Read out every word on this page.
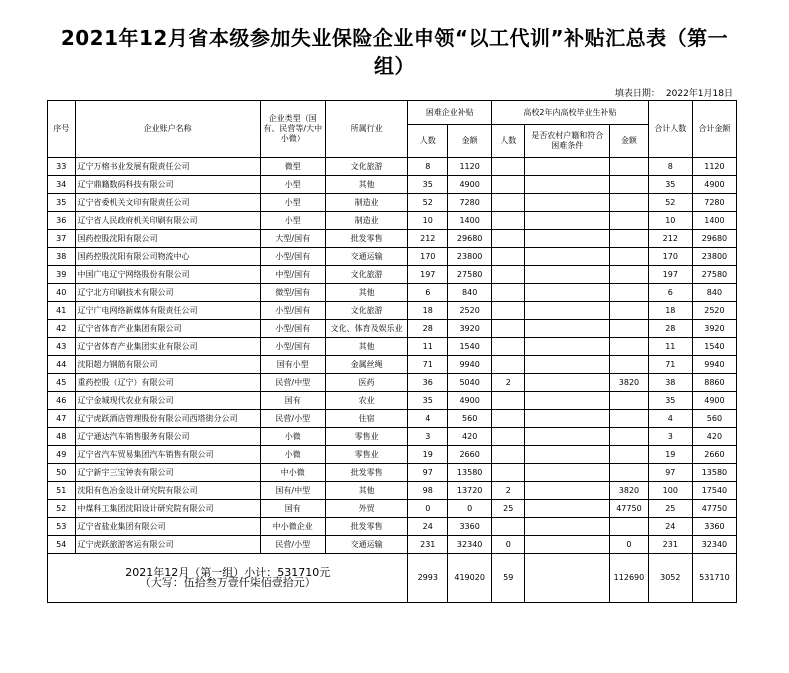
2021年12月省本级参加失业保险企业申领“以工代训”补贴汇总表（第一
组）
填表日期： 2022年1月18日
序号	企业账户名称	企业类型（国有、民营等/大中小微）	所属行业	困难企业补贴		高校2年内高校毕业生补贴			合计人数	合计金额
				人数	金额	人数	是否农村户籍和符合困难条件	金额		
33	辽宁万榕书业发展有限责任公司	微型	文化旅游	8	1120				8	1120
34	辽宁鼎籍数码科技有限公司	小型	其他	35	4900				35	4900
35	辽宁省委机关文印有限责任公司	小型	制造业	52	7280				52	7280
36	辽宁省人民政府机关印刷有限公司	小型	制造业	10	1400				10	1400
37	国药控股沈阳有限公司	大型/国有	批发零售	212	29680				212	29680
38	国药控股沈阳有限公司物流中心	小型/国有	交通运输	170	23800				170	23800
39	中国广电辽宁网络股份有限公司	中型/国有	文化旅游	197	27580				197	27580
40	辽宁北方印刷技术有限公司	微型/国有	其他	6	840				6	840
41	辽宁广电网络新媒体有限责任公司	小型/国有	文化旅游	18	2520				18	2520
42	辽宁省体育产业集团有限公司	小型/国有	文化、体育及娱乐业	28	3920				28	3920
43	辽宁省体育产业集团实业有限公司	小型/国有	其他	11	1540				11	1540
44	沈阳超力钢筋有限公司	国有小型	金属丝绳	71	9940				71	9940
45	重药控股（辽宁）有限公司	民营/中型	医药	36	5040	2		3820	38	8860
46	辽宁金城现代农业有限公司	国有	农业	35	4900				35	4900
47	辽宁虎跃酒店管理股份有限公司西塔街分公司	民营/小型	住宿	4	560				4	560
48	辽宁通达汽车销售服务有限公司	小微	零售业	3	420				3	420
49	辽宁省汽车贸易集团汽车销售有限公司	小微	零售业	19	2660				19	2660
50	辽宁新宇三宝钟表有限公司	中小微	批发零售	97	13580				97	13580
51	沈阳有色冶金设计研究院有限公司	国有/中型	其他	98	13720	2		3820	100	17540
52	中煤科工集团沈阳设计研究院有限公司	国有	外贸	0	0	25		47750	25	47750
53	辽宁省盐业集团有限公司	中小微企业	批发零售	24	3360				24	3360
54	辽宁虎跃旅游客运有限公司	民营/小型	交通运输	231	32340	0		0	231	32340

2021年12月（第一组）小计：531710元
（大写：伍拾叁万壹仟柒佰壹拾元）				2993	419020	59		112690	3052	531710
